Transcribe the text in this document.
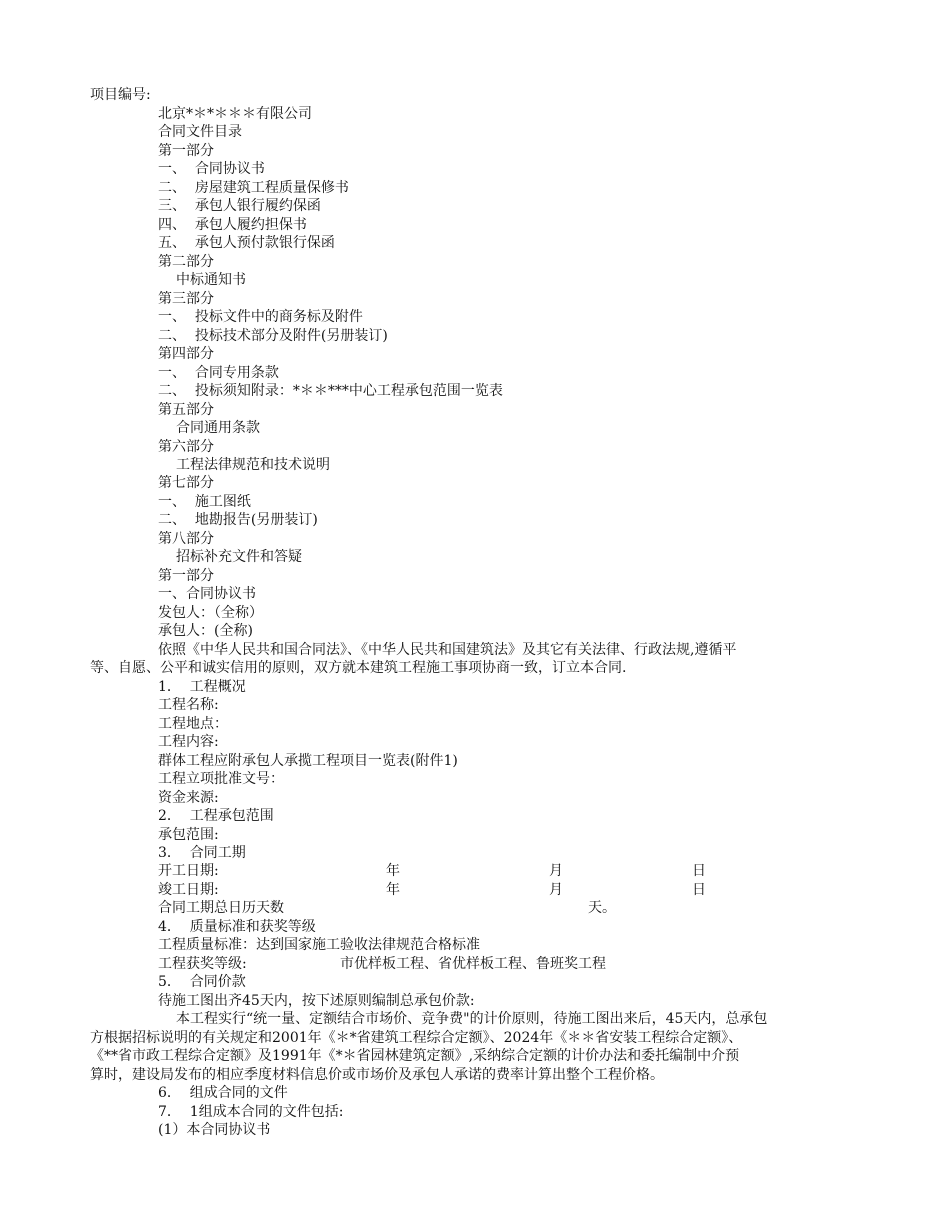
项目编号:
北京*＊*＊＊＊有限公司
合同文件目录
第一部分
一、  合同协议书
二、  房屋建筑工程质量保修书
三、  承包人银行履约保函
四、  承包人履约担保书
五、  承包人预付款银行保函
第二部分
中标通知书
第三部分
一、  投标文件中的商务标及附件
二、  投标技术部分及附件(另册装订)
第四部分
一、  合同专用条款
二、  投标须知附录：*＊＊***中心工程承包范围一览表
第五部分
合同通用条款
第六部分
工程法律规范和技术说明
第七部分
一、  施工图纸
二、  地勘报告(另册装订)
第八部分
招标补充文件和答疑
第一部分
一、合同协议书
发包人：（全称）
承包人：(全称)
依照《中华人民共和国合同法》、《中华人民共和国建筑法》及其它有关法律、行政法规,遵循平
等、自愿、公平和诚实信用的原则，双方就本建筑工程施工事项协商一致，订立本合同.
1．  工程概况
工程名称:
工程地点：
工程内容:
群体工程应附承包人承揽工程项目一览表(附件1)
工程立项批准文号：
资金来源:
2．  工程承包范围
承包范围:
3．  合同工期
开工日期:	年	月	日
竣工日期:	年	月	日
合同工期总日历天数	天。
4．  质量标准和获奖等级
工程质量标准：达到国家施工验收法律规范合格标准
工程获奖等级:	市优样板工程、省优样板工程、鲁班奖工程
5．  合同价款
待施工图出齐45天内，按下述原则编制总承包价款:
本工程实行“统一量、定额结合市场价、竞争费"的计价原则，待施工图出来后，45天内，总承包
方根据招标说明的有关规定和2001年《＊*省建筑工程综合定额》、2024年《＊＊省安装工程综合定额》、
《**省市政工程综合定额》及1991年《*＊省园林建筑定额》,采纳综合定额的计价办法和委托编制中介预
算时，建设局发布的相应季度材料信息价或市场价及承包人承诺的费率计算出整个工程价格。
6．  组成合同的文件
7．  1组成本合同的文件包括:
(1）本合同协议书
